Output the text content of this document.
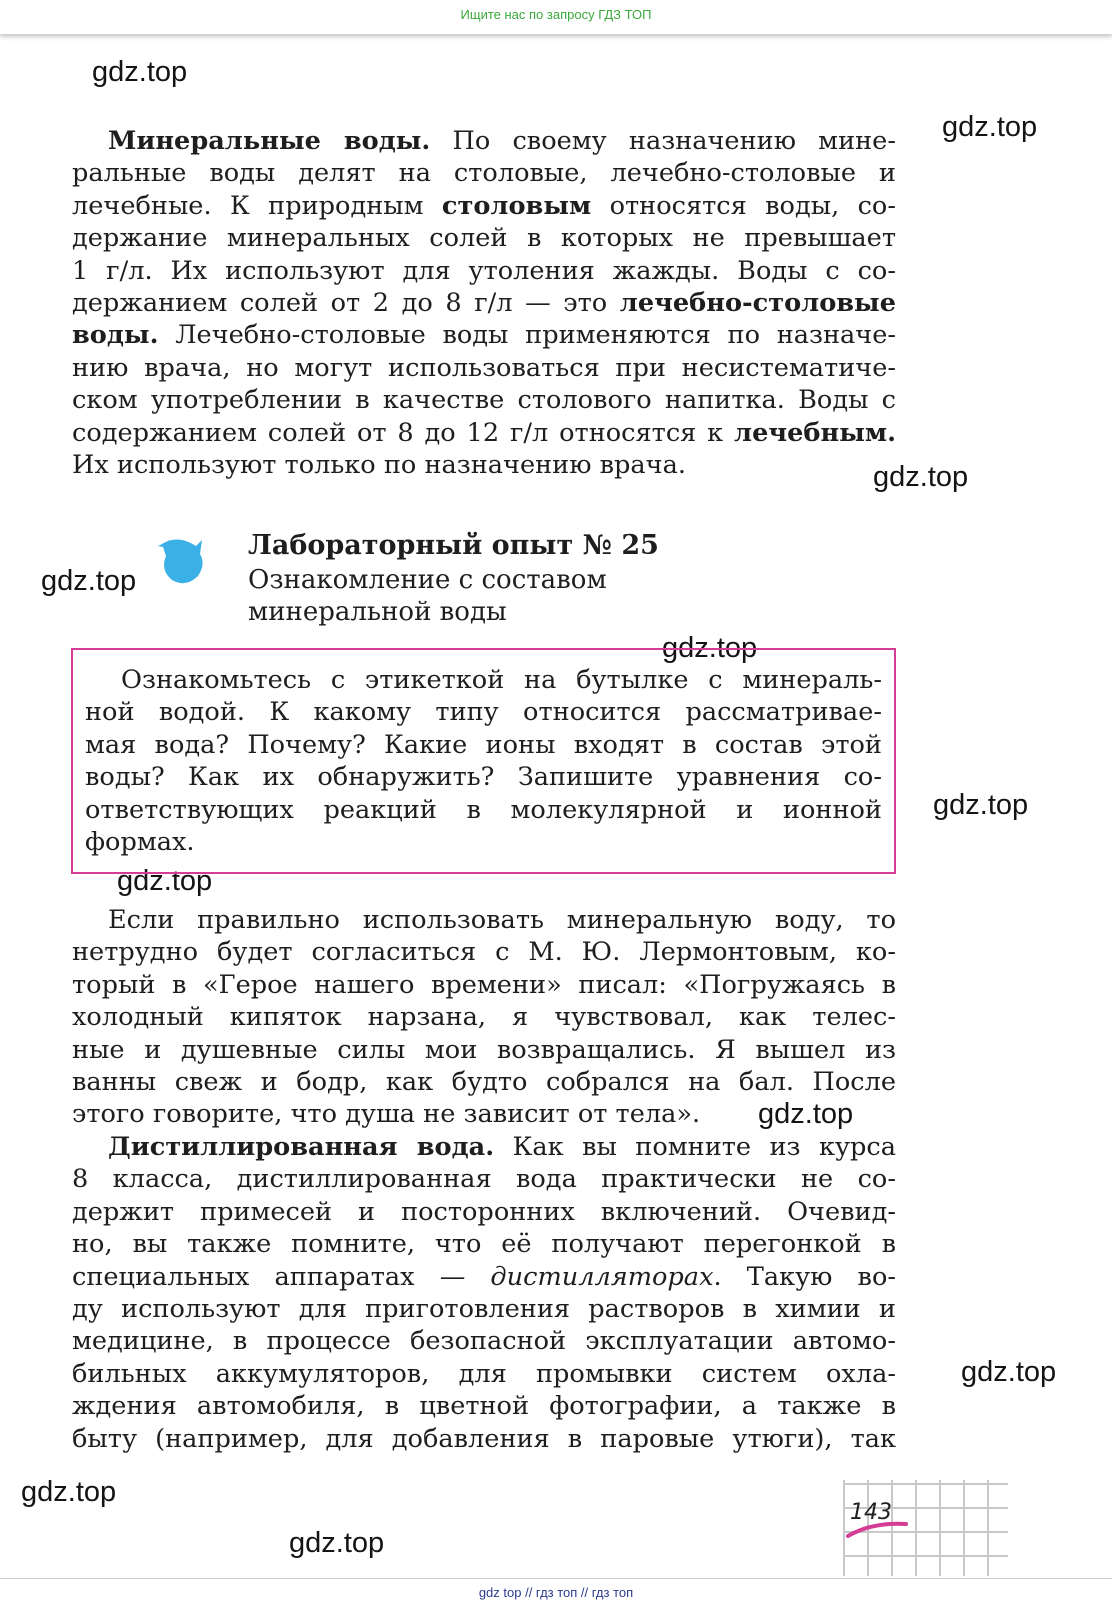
Ищите нас по запросу ГДЗ ТОП
gdz.top
gdz.top
gdz.top
gdz.top
gdz.top
gdz.top
gdz.top
gdz.top
gdz.top
gdz.top
gdz.top
Минеральные воды. По своему назначению мине-
ральные воды делят на столовые, лечебно-столовые и
лечебные. К природным столовым относятся воды, со-
держание минеральных солей в которых не превышает
1 г/л. Их используют для утоления жажды. Воды с со-
держанием солей от 2 до 8 г/л — это лечебно-столовые
воды. Лечебно-столовые воды применяются по назначе-
нию врача, но могут использоваться при несистематиче-
ском употреблении в качестве столового напитка. Воды с
содержанием солей от 8 до 12 г/л относятся к лечебным.
Их используют только по назначению врача.
Лабораторный опыт № 25
Ознакомление с составом
минеральной воды
Ознакомьтесь с этикеткой на бутылке с минераль-
ной водой. К какому типу относится рассматривае-
мая вода? Почему? Какие ионы входят в состав этой
воды? Как их обнаружить? Запишите уравнения со-
ответствующих реакций в молекулярной и ионной
формах.
Если правильно использовать минеральную воду, то
нетрудно будет согласиться с М. Ю. Лермонтовым, ко-
торый в «Герое нашего времени» писал: «Погружаясь в
холодный кипяток нарзана, я чувствовал, как телес-
ные и душевные силы мои возвращались. Я вышел из
ванны свеж и бодр, как будто собрался на бал. После
этого говорите, что душа не зависит от тела».
Дистиллированная вода. Как вы помните из курса
8 класса, дистиллированная вода практически не со-
держит примесей и посторонних включений. Очевид-
но, вы также помните, что её получают перегонкой в
специальных аппаратах — дистилляторах. Такую во-
ду используют для приготовления растворов в химии и
медицине, в процессе безопасной эксплуатации автомо-
бильных аккумуляторов, для промывки систем охла-
ждения автомобиля, в цветной фотографии, а также в
быту (например, для добавления в паровые утюги), так
143
gdz top // гдз топ // гдз топ
